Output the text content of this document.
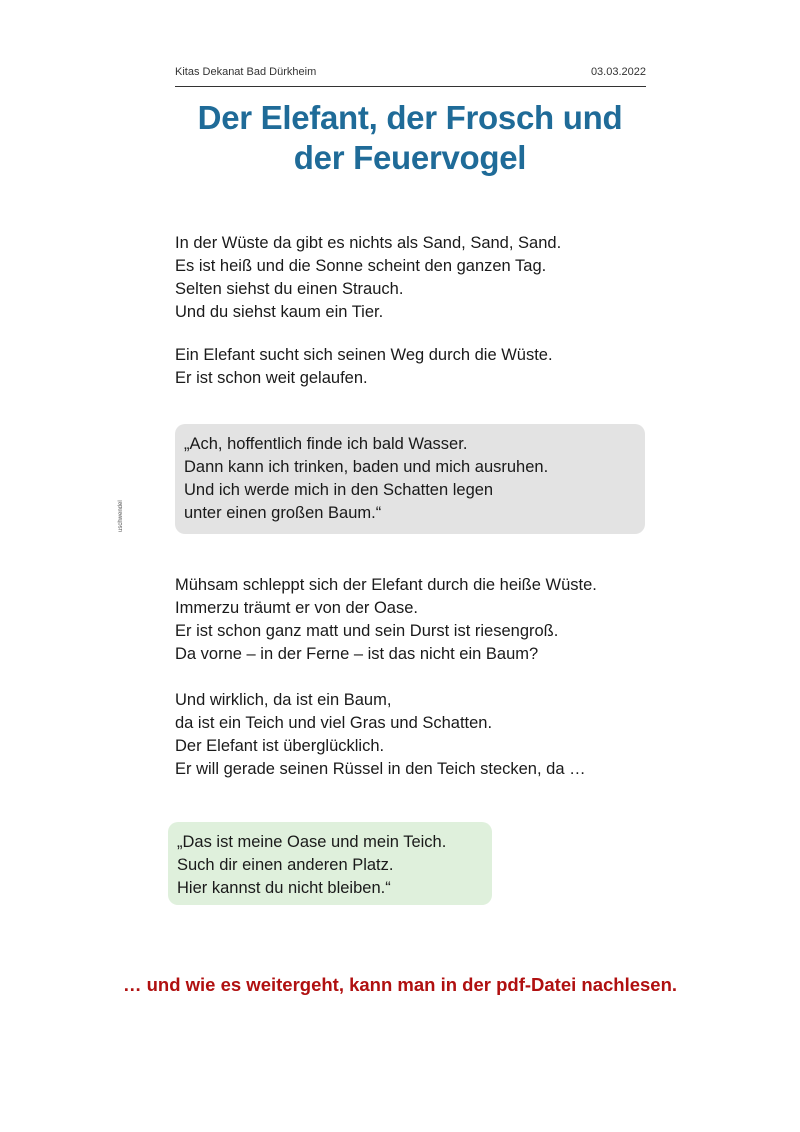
Kitas Dekanat Bad Dürkheim	03.03.2022
Der Elefant, der Frosch und
der Feuervogel
In der Wüste da gibt es nichts als Sand, Sand, Sand.
Es ist heiß und die Sonne scheint den ganzen Tag.
Selten siehst du einen Strauch.
Und du siehst kaum ein Tier.
Ein Elefant sucht sich seinen Weg durch die Wüste.
Er ist schon weit gelaufen.
„Ach, hoffentlich finde ich bald Wasser.
Dann kann ich trinken, baden und mich ausruhen.
Und ich werde mich in den Schatten legen
unter einen großen Baum.“
uschwendel
Mühsam schleppt sich der Elefant durch die heiße Wüste.
Immerzu träumt er von der Oase.
Er ist schon ganz matt und sein Durst ist riesengroß.
Da vorne – in der Ferne – ist das nicht ein Baum?
Und wirklich, da ist ein Baum,
da ist ein Teich und viel Gras und Schatten.
Der Elefant ist überglücklich.
Er will gerade seinen Rüssel in den Teich stecken, da …
„Das ist meine Oase und mein Teich.
Such dir einen anderen Platz.
Hier kannst du nicht bleiben.“
… und wie es weitergeht, kann man in der pdf-Datei nachlesen.
